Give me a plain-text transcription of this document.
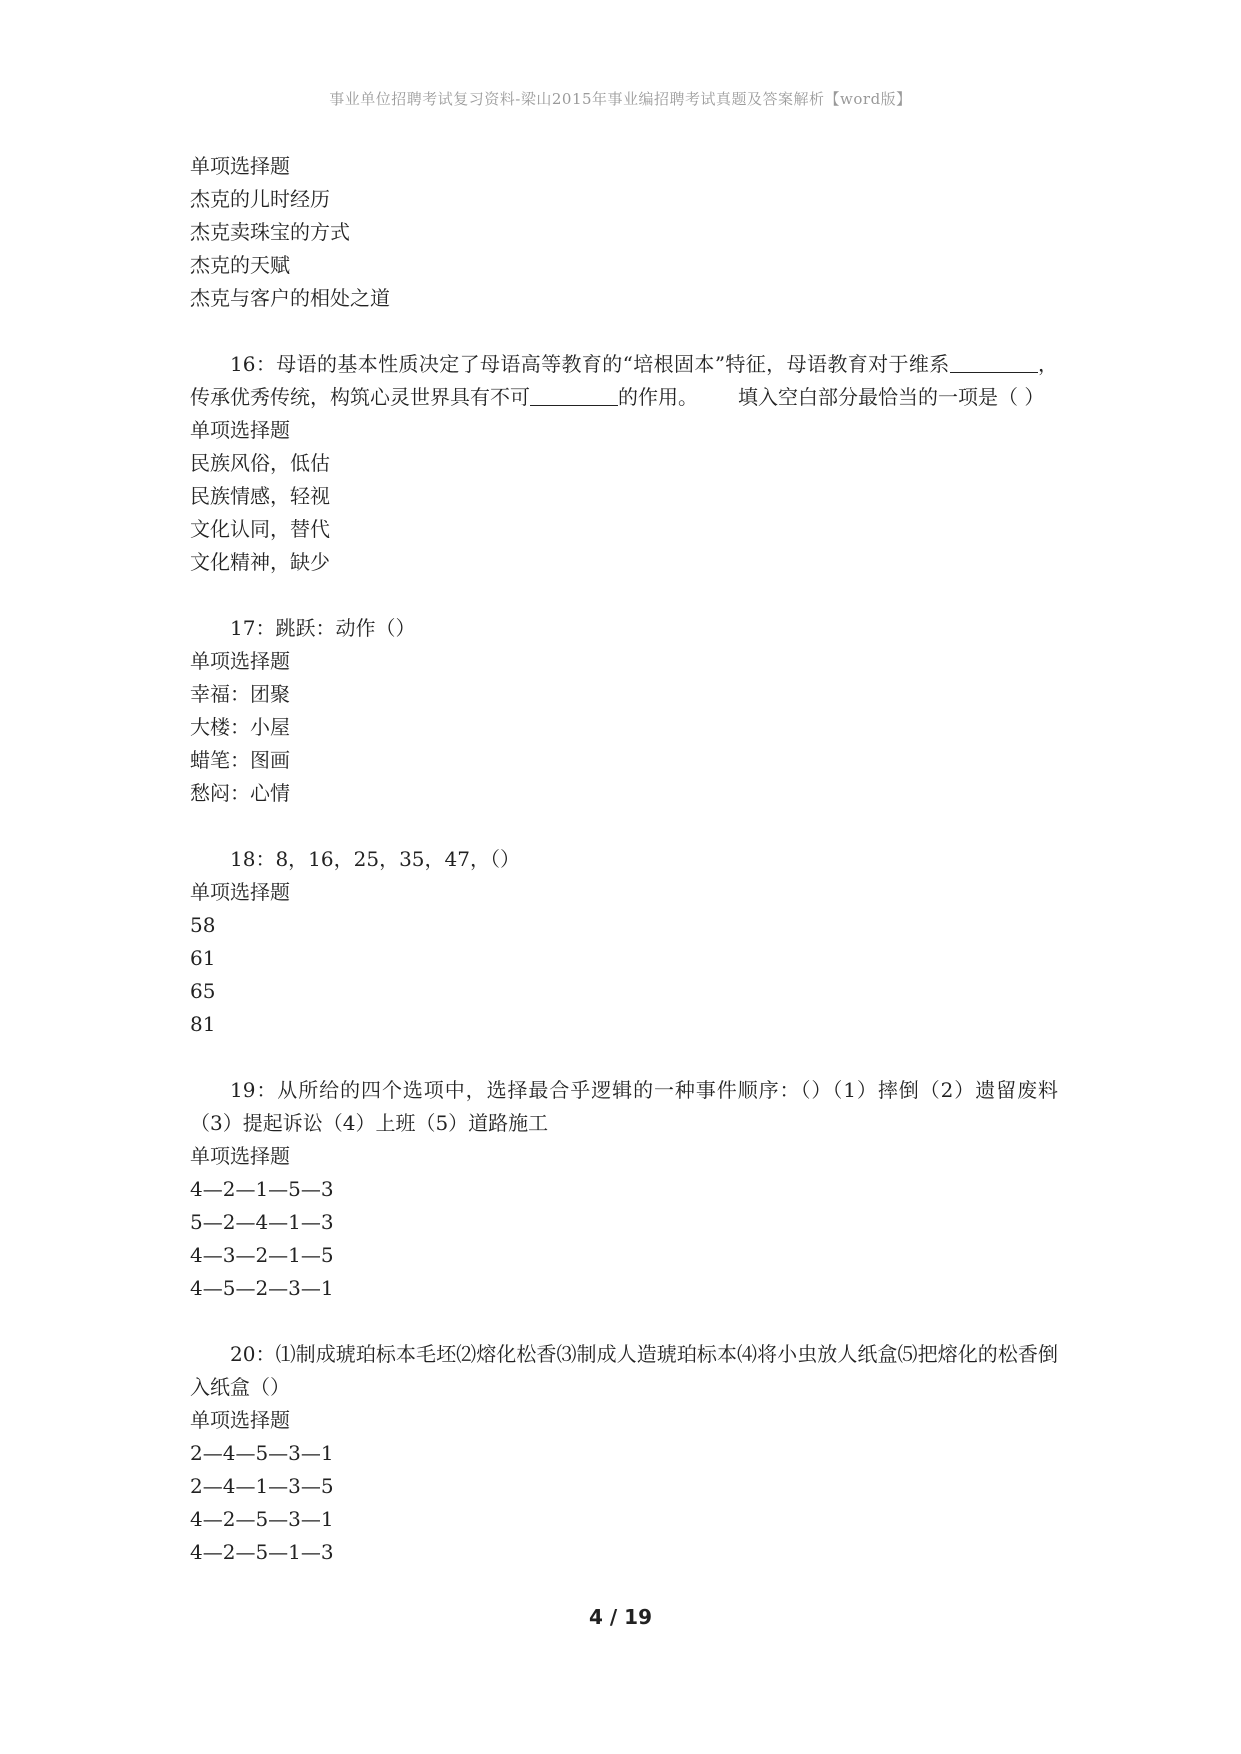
事业单位招聘考试复习资料-梁山2015年事业编招聘考试真题及答案解析【word版】
单项选择题
杰克的儿时经历
杰克卖珠宝的方式
杰克的天赋
杰克与客户的相处之道
16：母语的基本性质决定了母语高等教育的“培根固本”特征，母语教育对于维系	，传承优秀传统，构筑心灵世界具有不可	的作用。 填入空白部分最恰当的一项是（ ）
单项选择题
民族风俗，低估
民族情感，轻视
文化认同，替代
文化精神，缺少
17：跳跃：动作（）
单项选择题
幸福：团聚
大楼：小屋
蜡笔：图画
愁闷：心情
18：8，16，25，35，47，（）
单项选择题
58
61
65
81
19：从所给的四个选项中，选择最合乎逻辑的一种事件顺序：（）（1）摔倒（2）遗留废料（3）提起诉讼（4）上班（5）道路施工
单项选择题
4—2—1—5—3
5—2—4—1—3
4—3—2—1—5
4—5—2—3—1
20：⑴制成琥珀标本毛坯⑵熔化松香⑶制成人造琥珀标本⑷将小虫放人纸盒⑸把熔化的松香倒入纸盒（）
单项选择题
2—4—5—3—1
2—4—1—3—5
4—2—5—3—1
4—2—5—1—3
4 / 19
